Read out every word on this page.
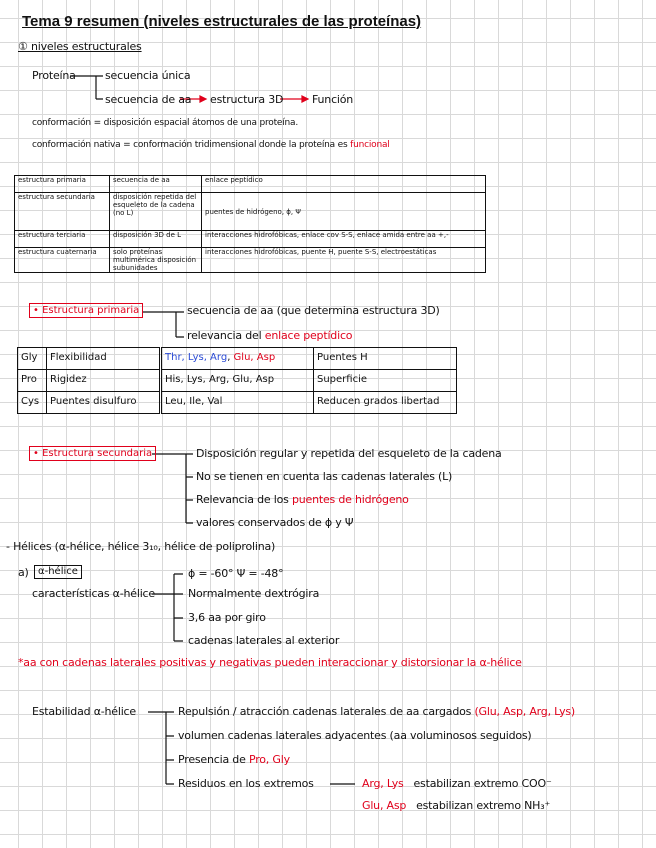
Tema 9 resumen (niveles estructurales de las proteínas)
① niveles estructurales
Proteína	secuencia única
secuencia de aa estructura 3D	Función
conformación = disposición espacial átomos de una proteína.
conformación nativa = conformación tridimensional donde la proteína es funcional
estructura primaria	secuencia de aa	enlace peptídico
estructura secundaria	disposición repetida del esqueleto de la cadena (no L)	puentes de hidrógeno, ϕ, Ψ
estructura terciaria	disposición 3D de L	interacciones hidrofóbicas, enlace cov S-S, enlace amida entre aa +,-
estructura cuaternaria	solo proteínas multimérica disposición subunidades	interacciones hidrofóbicas, puente H, puente S-S, electroestáticas
• Estructura primaria	secuencia de aa (que determina estructura 3D)
relevancia del enlace peptídico
Gly	Flexibilidad	Thr, Lys, Arg, Glu, Asp	Puentes H
Pro	Rigidez	His, Lys, Arg, Glu, Asp	Superficie
Cys	Puentes disulfuro	Leu, Ile, Val	Reducen grados libertad
• Estructura secundaria	Disposición regular y repetida del esqueleto de la cadena
No se tienen en cuenta las cadenas laterales (L)
Relevancia de los puentes de hidrógeno
valores conservados de ϕ y Ψ
- Hélices (α-hélice, hélice 3₁₀, hélice de poliprolina)
a) α-hélice
características α-hélice
ϕ = -60° Ψ = -48°
Normalmente dextrógira
3,6 aa por giro
cadenas laterales al exterior
*aa con cadenas laterales positivas y negativas pueden interaccionar y distorsionar la α-hélice
Estabilidad α-hélice	Repulsión / atracción cadenas laterales de aa cargados (Glu, Asp, Arg, Lys)
volumen cadenas laterales adyacentes (aa voluminosos seguidos)
Presencia de Pro, Gly
Residuos en los extremos	Arg, Lys estabilizan extremo COO⁻
Glu, Asp estabilizan extremo NH₃⁺
